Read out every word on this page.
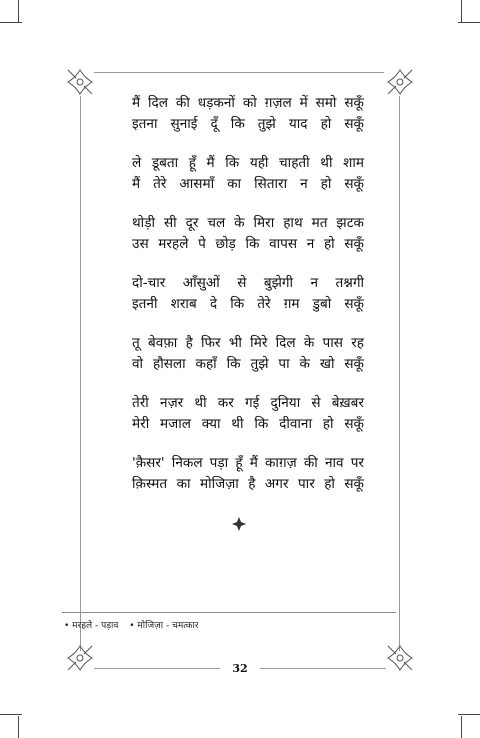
मैं दिल की धड़कनों को ग़ज़ल में समो सकूँ
इतना सुनाई दूँ कि तुझे याद हो सकूँ
ले डूबता हूँ मैं कि यही चाहती थी शाम
मैं तेरे आसमाँ का सितारा न हो सकूँ
थोड़ी सी दूर चल के मिरा हाथ मत झटक
उस मरहले पे छोड़ कि वापस न हो सकूँ
दो-चार आँसुओं से बुझेगी न तश्नगी
इतनी शराब दे कि तेरे ग़म डुबो सकूँ
तू बेवफ़ा है फिर भी मिरे दिल के पास रह
वो हौसला कहाँ कि तुझे पा के खो सकूँ
तेरी नज़र थी कर गई दुनिया से बेख़बर
मेरी मजाल क्या थी कि दीवाना हो सकूँ
'क़ैसर' निकल पड़ा हूँ मैं काग़ज़ की नाव पर
क़िस्मत का मोजिज़ा है अगर पार हो सकूँ
• मरहले - पड़ाव • मोजिज़ा - चमत्कार
32
